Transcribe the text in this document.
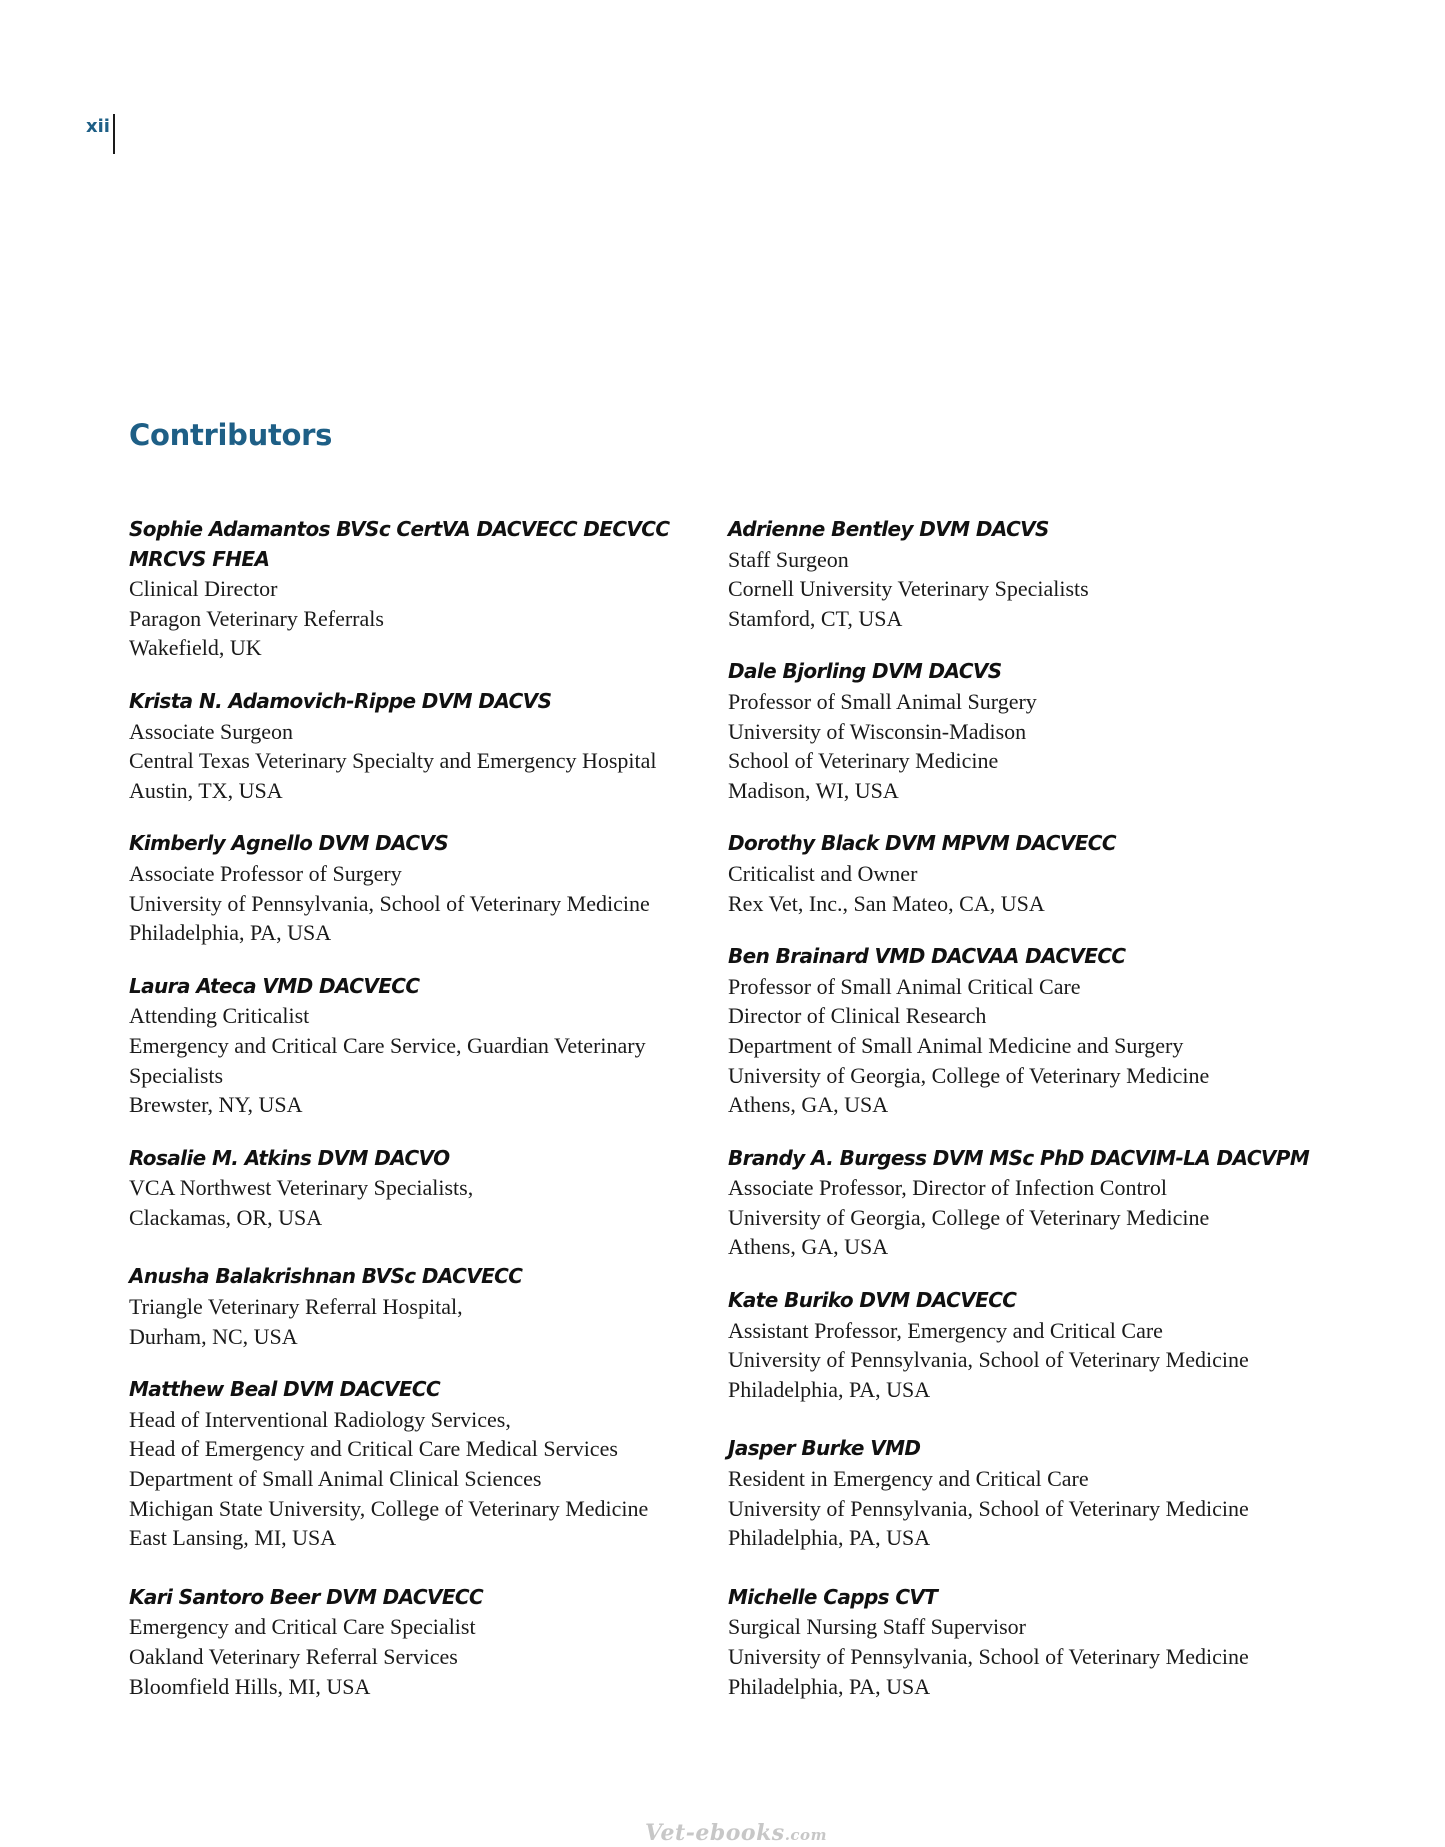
xii
Contributors
Sophie Adamantos BVSc CertVA DACVECC DECVCC
MRCVS FHEA
Clinical Director
Paragon Veterinary Referrals
Wakefield, UK
Krista N. Adamovich-Rippe DVM DACVS
Associate Surgeon
Central Texas Veterinary Specialty and Emergency Hospital
Austin, TX, USA
Kimberly Agnello DVM DACVS
Associate Professor of Surgery
University of Pennsylvania, School of Veterinary Medicine
Philadelphia, PA, USA
Laura Ateca VMD DACVECC
Attending Criticalist
Emergency and Critical Care Service, Guardian Veterinary
Specialists
Brewster, NY, USA
Rosalie M. Atkins DVM DACVO
VCA Northwest Veterinary Specialists,
Clackamas, OR, USA
Anusha Balakrishnan BVSc DACVECC
Triangle Veterinary Referral Hospital,
Durham, NC, USA
Matthew Beal DVM DACVECC
Head of Interventional Radiology Services,
Head of Emergency and Critical Care Medical Services
Department of Small Animal Clinical Sciences
Michigan State University, College of Veterinary Medicine
East Lansing, MI, USA
Kari Santoro Beer DVM DACVECC
Emergency and Critical Care Specialist
Oakland Veterinary Referral Services
Bloomfield Hills, MI, USA
Adrienne Bentley DVM DACVS
Staff Surgeon
Cornell University Veterinary Specialists
Stamford, CT, USA
Dale Bjorling DVM DACVS
Professor of Small Animal Surgery
University of Wisconsin-Madison
School of Veterinary Medicine
Madison, WI, USA
Dorothy Black DVM MPVM DACVECC
Criticalist and Owner
Rex Vet, Inc., San Mateo, CA, USA
Ben Brainard VMD DACVAA DACVECC
Professor of Small Animal Critical Care
Director of Clinical Research
Department of Small Animal Medicine and Surgery
University of Georgia, College of Veterinary Medicine
Athens, GA, USA
Brandy A. Burgess DVM MSc PhD DACVIM-LA DACVPM
Associate Professor, Director of Infection Control
University of Georgia, College of Veterinary Medicine
Athens, GA, USA
Kate Buriko DVM DACVECC
Assistant Professor, Emergency and Critical Care
University of Pennsylvania, School of Veterinary Medicine
Philadelphia, PA, USA
Jasper Burke VMD
Resident in Emergency and Critical Care
University of Pennsylvania, School of Veterinary Medicine
Philadelphia, PA, USA
Michelle Capps CVT
Surgical Nursing Staff Supervisor
University of Pennsylvania, School of Veterinary Medicine
Philadelphia, PA, USA
Vet-ebooks.com
